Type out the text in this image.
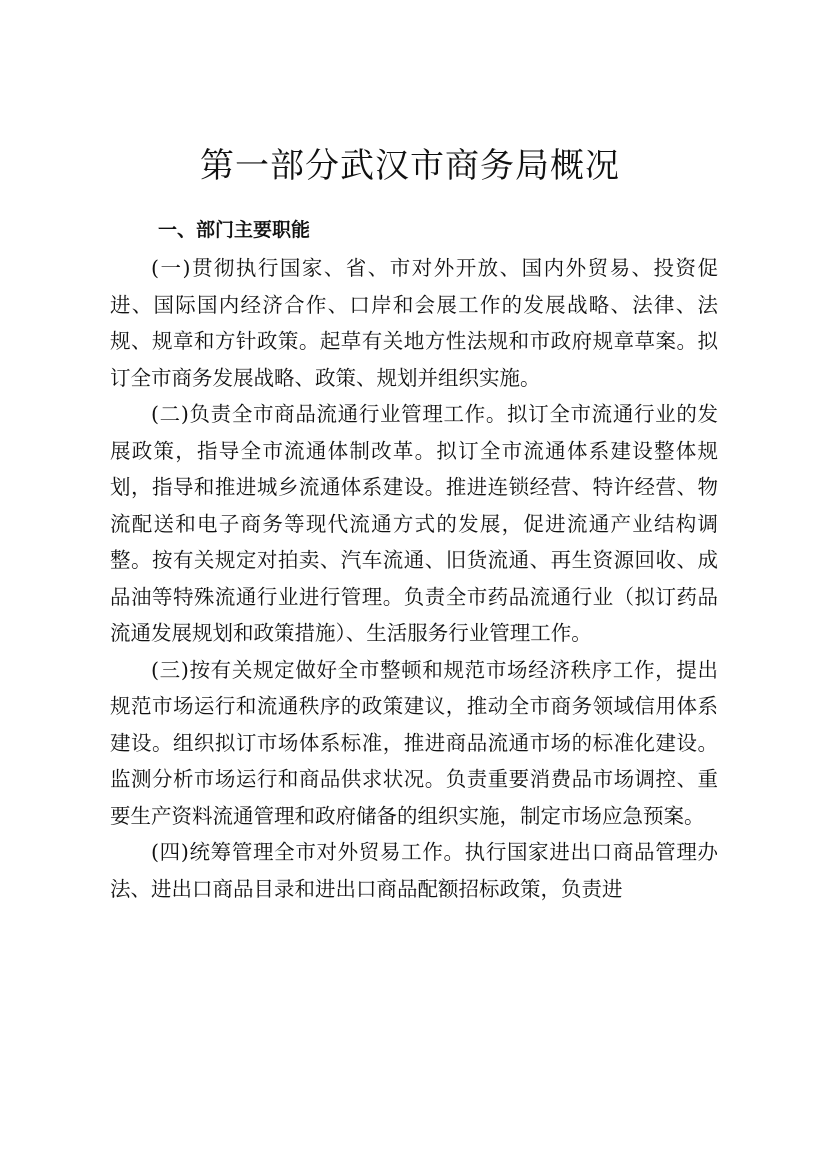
第一部分武汉市商务局概况
一、部门主要职能

(一)贯彻执行国家、省、市对外开放、国内外贸易、投资促进、国际国内经济合作、口岸和会展工作的发展战略、法律、法规、规章和方针政策。起草有关地方性法规和市政府规章草案。拟订全市商务发展战略、政策、规划并组织实施。

(二)负责全市商品流通行业管理工作。拟订全市流通行业的发展政策，指导全市流通体制改革。拟订全市流通体系建设整体规划，指导和推进城乡流通体系建设。推进连锁经营、特许经营、物流配送和电子商务等现代流通方式的发展，促进流通产业结构调整。按有关规定对拍卖、汽车流通、旧货流通、再生资源回收、成品油等特殊流通行业进行管理。负责全市药品流通行业（拟订药品流通发展规划和政策措施）、生活服务行业管理工作。

(三)按有关规定做好全市整顿和规范市场经济秩序工作，提出规范市场运行和流通秩序的政策建议，推动全市商务领域信用体系建设。组织拟订市场体系标准，推进商品流通市场的标准化建设。监测分析市场运行和商品供求状况。负责重要消费品市场调控、重要生产资料流通管理和政府储备的组织实施，制定市场应急预案。

(四)统筹管理全市对外贸易工作。执行国家进出口商品管理办法、进出口商品目录和进出口商品配额招标政策，负责进
